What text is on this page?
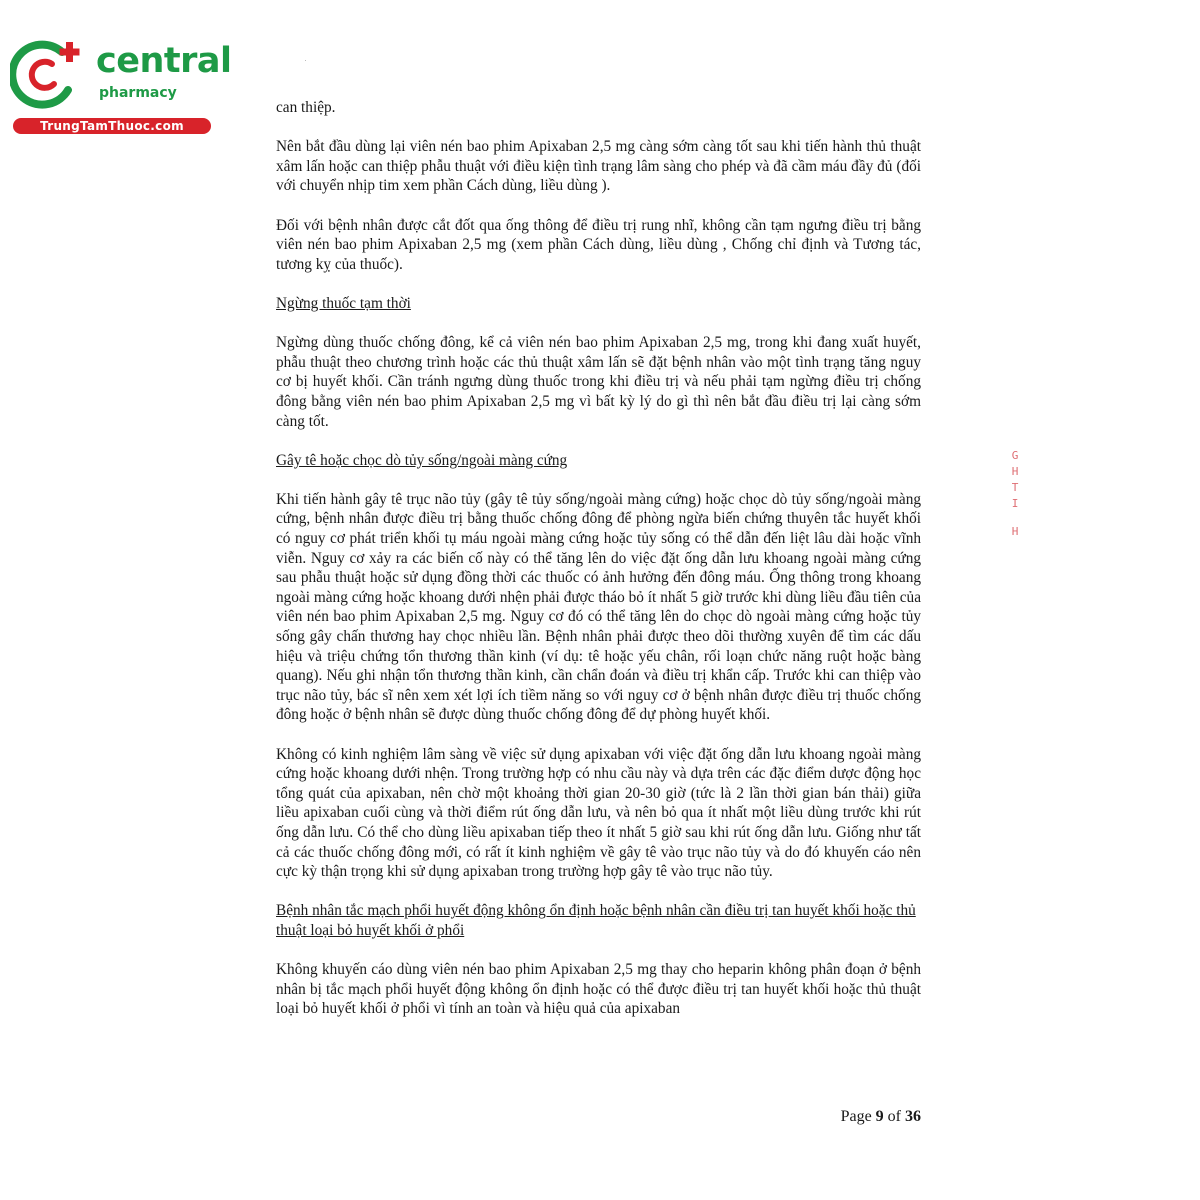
central
pharmacy
TrungTamThuoc.com

can thiệp.

Nên bắt đầu dùng lại viên nén bao phim Apixaban 2,5 mg càng sớm càng tốt sau khi tiến hành thủ thuật xâm lấn hoặc can thiệp phẫu thuật với điều kiện tình trạng lâm sàng cho phép và đã cầm máu đầy đủ (đối với chuyển nhịp tim xem phần Cách dùng, liều dùng ).

Đối với bệnh nhân được cắt đốt qua ống thông để điều trị rung nhĩ, không cần tạm ngưng điều trị bằng viên nén bao phim Apixaban 2,5 mg (xem phần Cách dùng, liều dùng , Chống chỉ định và Tương tác, tương kỵ của thuốc).

Ngừng thuốc tạm thời

Ngừng dùng thuốc chống đông, kể cả viên nén bao phim Apixaban 2,5 mg, trong khi đang xuất huyết, phẫu thuật theo chương trình hoặc các thủ thuật xâm lấn sẽ đặt bệnh nhân vào một tình trạng tăng nguy cơ bị huyết khối. Cần tránh ngưng dùng thuốc trong khi điều trị và nếu phải tạm ngừng điều trị chống đông bằng viên nén bao phim Apixaban 2,5 mg vì bất kỳ lý do gì thì nên bắt đầu điều trị lại càng sớm càng tốt.

Gây tê hoặc chọc dò tủy sống/ngoài màng cứng

Khi tiến hành gây tê trục não tủy (gây tê tủy sống/ngoài màng cứng) hoặc chọc dò tủy sống/ngoài màng cứng, bệnh nhân được điều trị bằng thuốc chống đông để phòng ngừa biến chứng thuyên tắc huyết khối có nguy cơ phát triển khối tụ máu ngoài màng cứng hoặc tủy sống có thể dẫn đến liệt lâu dài hoặc vĩnh viễn. Nguy cơ xảy ra các biến cố này có thể tăng lên do việc đặt ống dẫn lưu khoang ngoài màng cứng sau phẫu thuật hoặc sử dụng đồng thời các thuốc có ảnh hưởng đến đông máu. Ống thông trong khoang ngoài màng cứng hoặc khoang dưới nhện phải được tháo bỏ ít nhất 5 giờ trước khi dùng liều đầu tiên của viên nén bao phim Apixaban 2,5 mg. Nguy cơ đó có thể tăng lên do chọc dò ngoài màng cứng hoặc tủy sống gây chấn thương hay chọc nhiều lần. Bệnh nhân phải được theo dõi thường xuyên để tìm các dấu hiệu và triệu chứng tổn thương thần kinh (ví dụ: tê hoặc yếu chân, rối loạn chức năng ruột hoặc bàng quang). Nếu ghi nhận tổn thương thần kinh, cần chẩn đoán và điều trị khẩn cấp. Trước khi can thiệp vào trục não tủy, bác sĩ nên xem xét lợi ích tiềm năng so với nguy cơ ở bệnh nhân được điều trị thuốc chống đông hoặc ở bệnh nhân sẽ được dùng thuốc chống đông để dự phòng huyết khối.

Không có kinh nghiệm lâm sàng về việc sử dụng apixaban với việc đặt ống dẫn lưu khoang ngoài màng cứng hoặc khoang dưới nhện. Trong trường hợp có nhu cầu này và dựa trên các đặc điểm dược động học tổng quát của apixaban, nên chờ một khoảng thời gian 20-30 giờ (tức là 2 lần thời gian bán thải) giữa liều apixaban cuối cùng và thời điểm rút ống dẫn lưu, và nên bỏ qua ít nhất một liều dùng trước khi rút ống dẫn lưu. Có thể cho dùng liều apixaban tiếp theo ít nhất 5 giờ sau khi rút ống dẫn lưu. Giống như tất cả các thuốc chống đông mới, có rất ít kinh nghiệm về gây tê vào trục não tủy và do đó khuyến cáo nên cực kỳ thận trọng khi sử dụng apixaban trong trường hợp gây tê vào trục não tủy.

Bệnh nhân tắc mạch phổi huyết động không ổn định hoặc bệnh nhân cần điều trị tan huyết khối hoặc thủ thuật loại bỏ huyết khối ở phổi

Không khuyến cáo dùng viên nén bao phim Apixaban 2,5 mg thay cho heparin không phân đoạn ở bệnh nhân bị tắc mạch phổi huyết động không ổn định hoặc có thể được điều trị tan huyết khối hoặc thủ thuật loại bỏ huyết khối ở phổi vì tính an toàn và hiệu quả của apixaban

Page 9 of 36
G
H
T
I
H
